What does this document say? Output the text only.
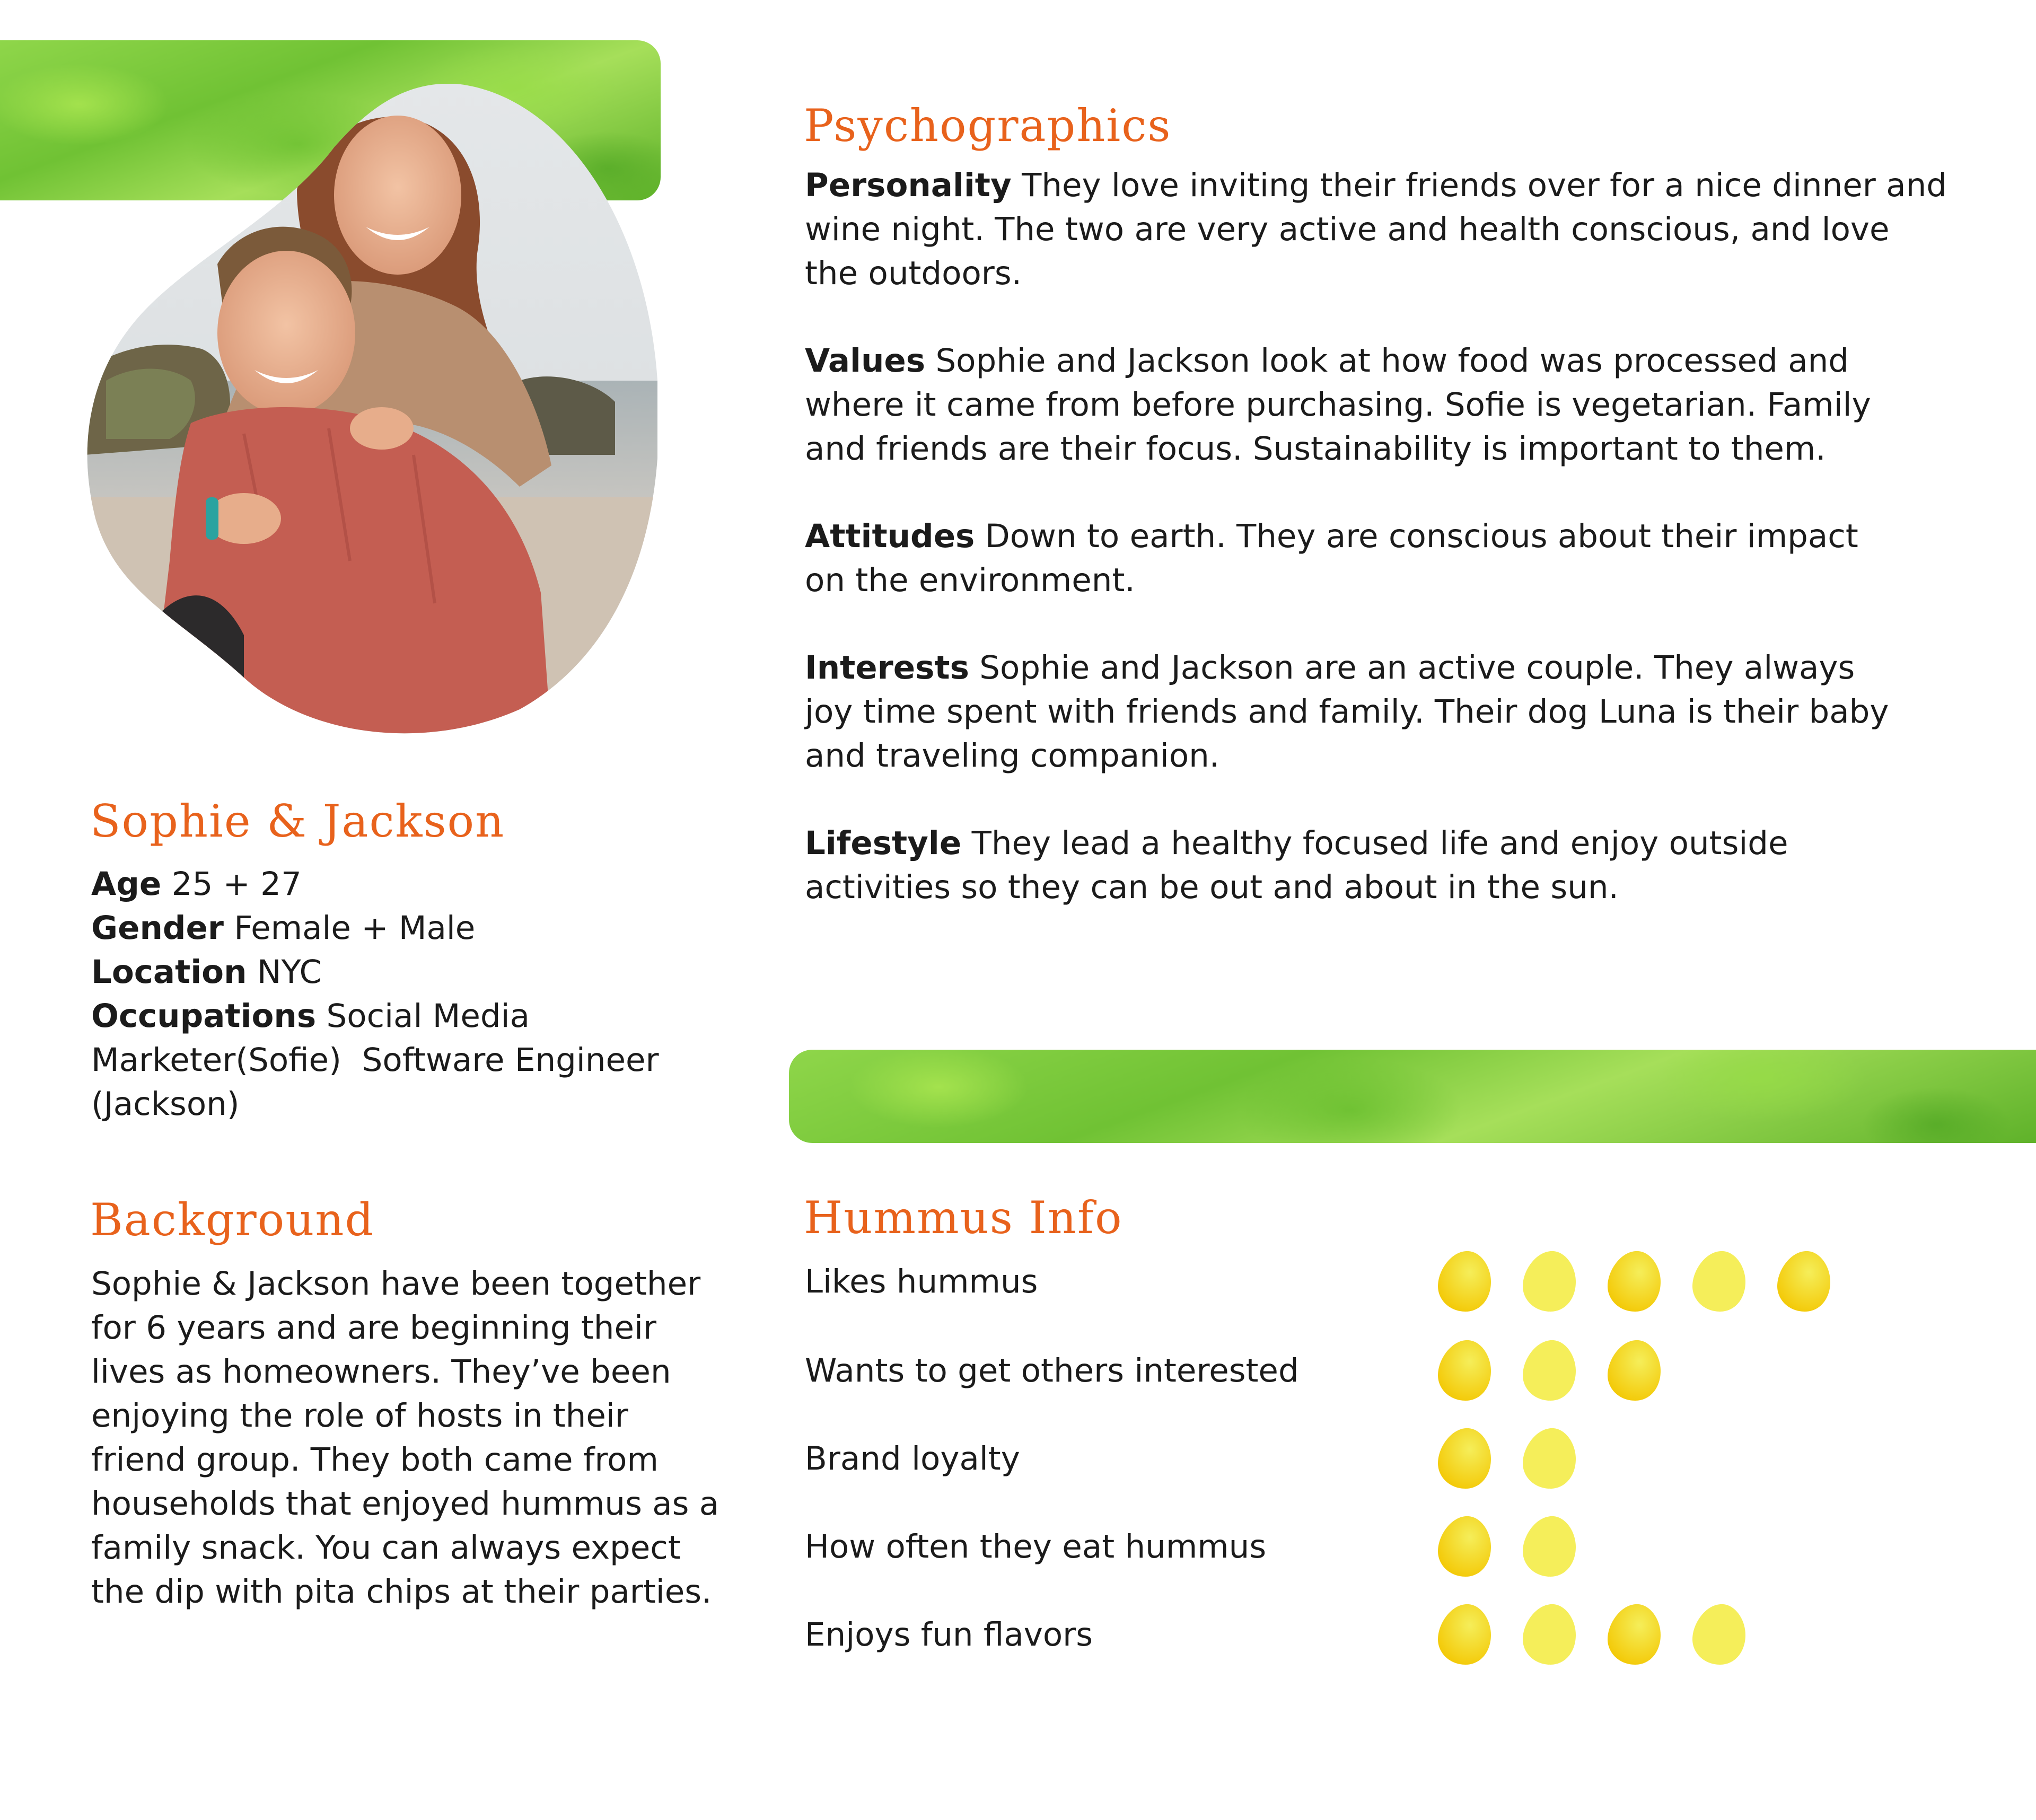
Sophie & Jackson
Age 25 + 27
Gender Female + Male
Location NYC
Occupations Social Media
Marketer(Sofie)  Software Engineer
(Jackson)
Background
Sophie & Jackson have been together
for 6 years and are beginning their
lives as homeowners. They’ve been
enjoying the role of hosts in their
friend group. They both came from
households that enjoyed hummus as a
family snack. You can always expect
the dip with pita chips at their parties.
Psychographics
Personality They love inviting their friends over for a nice dinner and
wine night. The two are very active and health conscious, and love
the outdoors.
Values Sophie and Jackson look at how food was processed and
where it came from before purchasing. Sofie is vegetarian. Family
and friends are their focus. Sustainability is important to them.
Attitudes Down to earth. They are conscious about their impact
on the environment.
Interests Sophie and Jackson are an active couple. They always
joy time spent with friends and family. Their dog Luna is their baby
and traveling companion.
Lifestyle They lead a healthy focused life and enjoy outside
activities so they can be out and about in the sun.
Hummus Info
Likes hummus
Wants to get others interested
Brand loyalty
How often they eat hummus
Enjoys fun flavors
